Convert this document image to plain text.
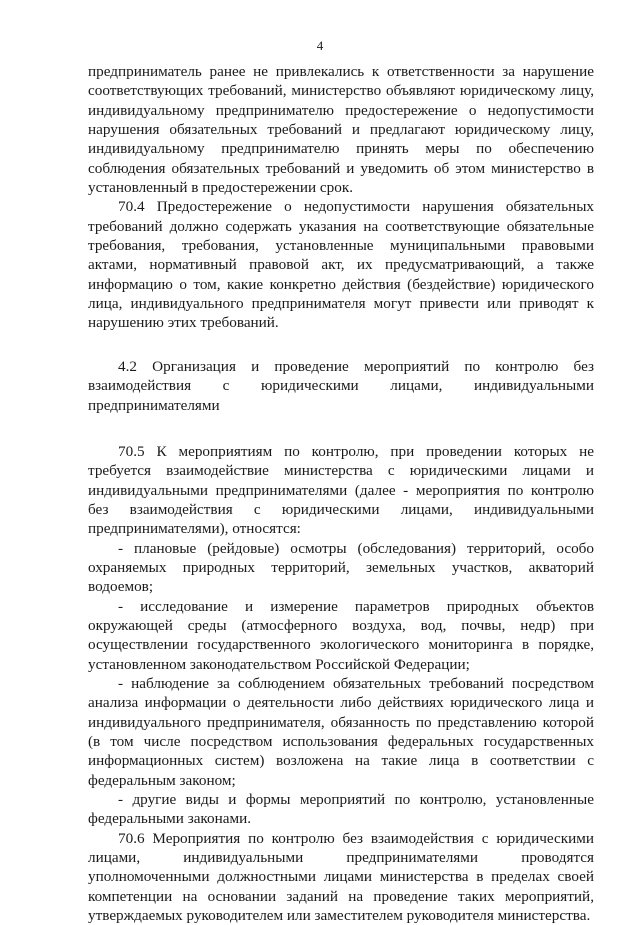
4

предприниматель ранее не привлекались к ответственности за нарушение соответствующих требований, министерство объявляют юридическому лицу, индивидуальному предпринимателю предостережение о недопустимости нарушения обязательных требований и предлагают юридическому лицу, индивидуальному предпринимателю принять меры по обеспечению соблюдения обязательных требований и уведомить об этом министерство в установленный в предостережении срок.

70.4 Предостережение о недопустимости нарушения обязательных требований должно содержать указания на соответствующие обязательные требования, требования, установленные муниципальными правовыми актами, нормативный правовой акт, их предусматривающий, а также информацию о том, какие конкретно действия (бездействие) юридического лица, индивидуального предпринимателя могут привести или приводят к нарушению этих требований.

4.2 Организация и проведение мероприятий по контролю без взаимодействия с юридическими лицами, индивидуальными предпринимателями

70.5 К мероприятиям по контролю, при проведении которых не требуется взаимодействие министерства с юридическими лицами и индивидуальными предпринимателями (далее - мероприятия по контролю без взаимодействия с юридическими лицами, индивидуальными предпринимателями), относятся:

- плановые (рейдовые) осмотры (обследования) территорий, особо охраняемых природных территорий, земельных участков, акваторий водоемов;

- исследование и измерение параметров природных объектов окружающей среды (атмосферного воздуха, вод, почвы, недр) при осуществлении государственного экологического мониторинга в порядке, установленном законодательством Российской Федерации;

- наблюдение за соблюдением обязательных требований посредством анализа информации о деятельности либо действиях юридического лица и индивидуального предпринимателя, обязанность по представлению которой (в том числе посредством использования федеральных государственных информационных систем) возложена на такие лица в соответствии с федеральным законом;

- другие виды и формы мероприятий по контролю, установленные федеральными законами.

70.6 Мероприятия по контролю без взаимодействия с юридическими лицами, индивидуальными предпринимателями проводятся уполномоченными должностными лицами министерства в пределах своей компетенции на основании заданий на проведение таких мероприятий, утверждаемых руководителем или заместителем руководителя министерства.
